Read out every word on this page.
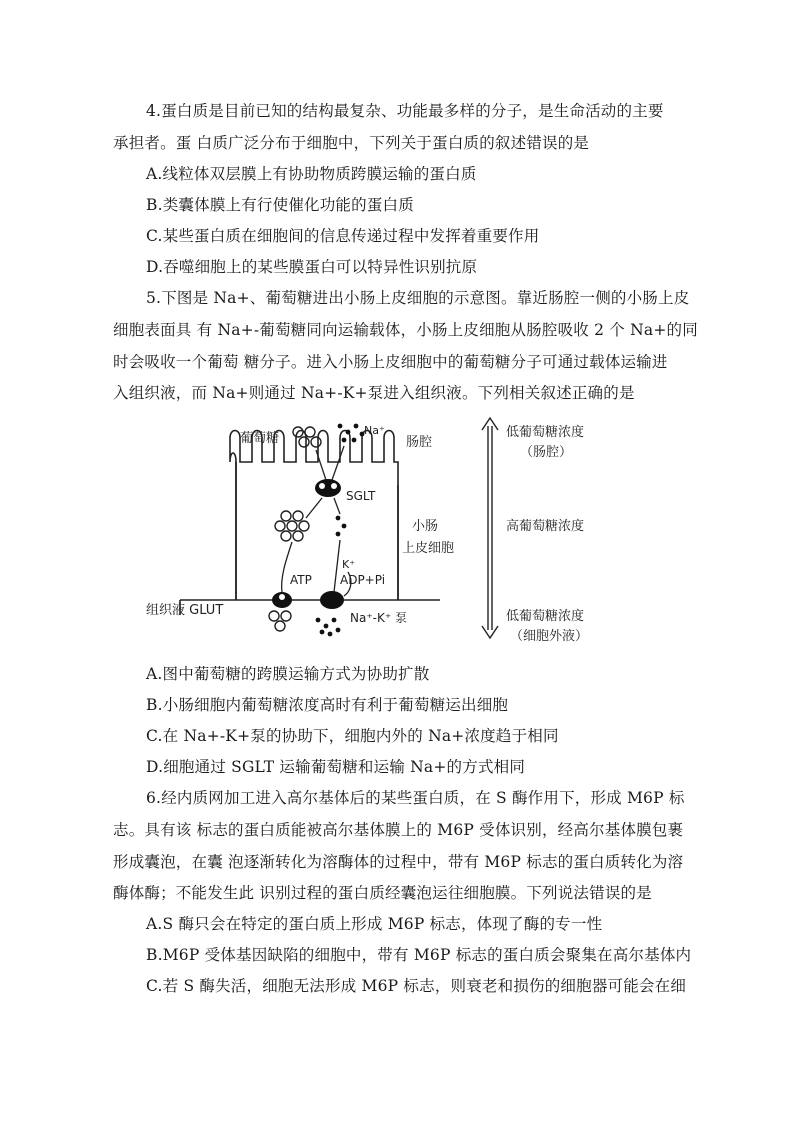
4.蛋白质是目前已知的结构最复杂、功能最多样的分子，是生命活动的主要
承担者。蛋 白质广泛分布于细胞中，下列关于蛋白质的叙述错误的是
A.线粒体双层膜上有协助物质跨膜运输的蛋白质
B.类囊体膜上有行使催化功能的蛋白质
C.某些蛋白质在细胞间的信息传递过程中发挥着重要作用
D.吞噬细胞上的某些膜蛋白可以特异性识别抗原
5.下图是 Na+、葡萄糖进出小肠上皮细胞的示意图。靠近肠腔一侧的小肠上皮
细胞表面具 有 Na+-葡萄糖同向运输载体，小肠上皮细胞从肠腔吸收 2 个 Na+的同
时会吸收一个葡萄 糖分子。进入小肠上皮细胞中的葡萄糖分子可通过载体运输进
入组织液，而 Na+则通过 Na+-K+泵进入组织液。下列相关叙述正确的是
葡萄糖
Na⁺
肠腔
SGLT
小肠
上皮细胞
K⁺
ATP ADP+Pi
组织液 GLUT	Na⁺-K⁺ 泵
低葡萄糖浓度
（肠腔）
高葡萄糖浓度
低葡萄糖浓度
（细胞外液）
A.图中葡萄糖的跨膜运输方式为协助扩散
B.小肠细胞内葡萄糖浓度高时有利于葡萄糖运出细胞
C.在 Na+-K+泵的协助下，细胞内外的 Na+浓度趋于相同
D.细胞通过 SGLT 运输葡萄糖和运输 Na+的方式相同
6.经内质网加工进入高尔基体后的某些蛋白质，在 S 酶作用下，形成 M6P 标
志。具有该 标志的蛋白质能被高尔基体膜上的 M6P 受体识别，经高尔基体膜包裹
形成囊泡，在囊 泡逐渐转化为溶酶体的过程中，带有 M6P 标志的蛋白质转化为溶
酶体酶；不能发生此 识别过程的蛋白质经囊泡运往细胞膜。下列说法错误的是
A.S 酶只会在特定的蛋白质上形成 M6P 标志，体现了酶的专一性
B.M6P 受体基因缺陷的细胞中，带有 M6P 标志的蛋白质会聚集在高尔基体内
C.若 S 酶失活，细胞无法形成 M6P 标志，则衰老和损伤的细胞器可能会在细
